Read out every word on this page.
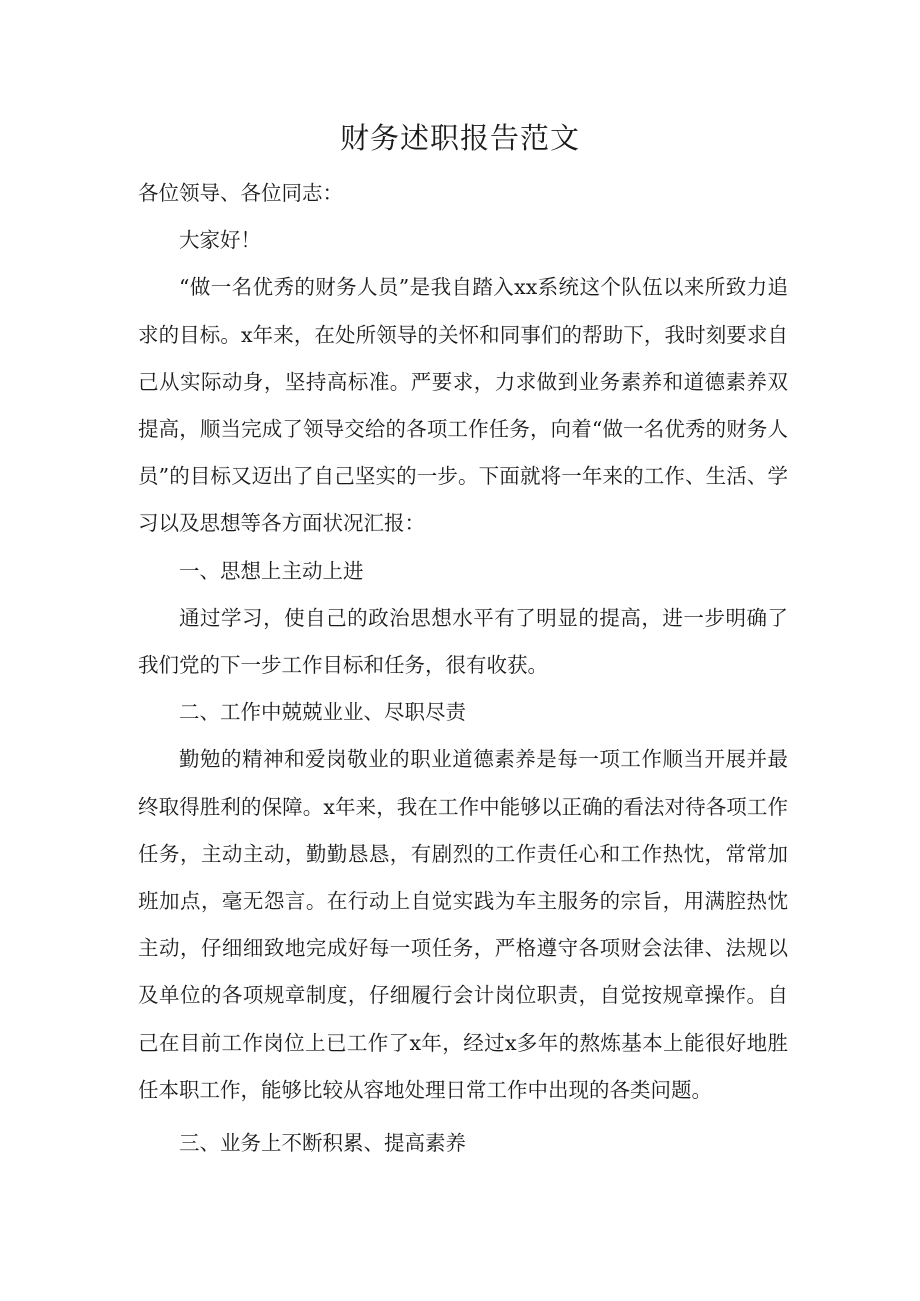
财务述职报告范文

各位领导、各位同志：

大家好！

“做一名优秀的财务人员”是我自踏入xx系统这个队伍以来所致力追求的目标。x年来，在处所领导的关怀和同事们的帮助下，我时刻要求自己从实际动身，坚持高标准。严要求，力求做到业务素养和道德素养双提高，顺当完成了领导交给的各项工作任务，向着“做一名优秀的财务人员”的目标又迈出了自己坚实的一步。下面就将一年来的工作、生活、学习以及思想等各方面状况汇报：

一、思想上主动上进

通过学习，使自己的政治思想水平有了明显的提高，进一步明确了我们党的下一步工作目标和任务，很有收获。

二、工作中兢兢业业、尽职尽责

勤勉的精神和爱岗敬业的职业道德素养是每一项工作顺当开展并最终取得胜利的保障。x年来，我在工作中能够以正确的看法对待各项工作任务，主动主动，勤勤恳恳，有剧烈的工作责任心和工作热忱，常常加班加点，毫无怨言。在行动上自觉实践为车主服务的宗旨，用满腔热忱主动，仔细细致地完成好每一项任务，严格遵守各项财会法律、法规以及单位的各项规章制度，仔细履行会计岗位职责，自觉按规章操作。自己在目前工作岗位上已工作了x年，经过x多年的熬炼基本上能很好地胜任本职工作，能够比较从容地处理日常工作中出现的各类问题。

三、业务上不断积累、提高素养
